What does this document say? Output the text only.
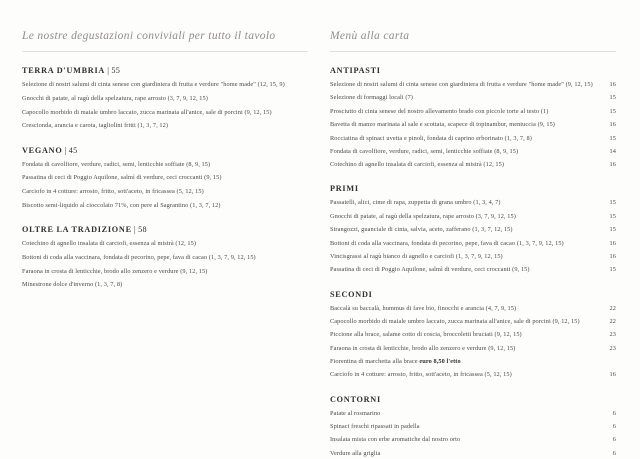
Le nostre degustazioni conviviali per tutto il tavolo
TERRA D'UMBRIA | 55
Selezione di nostri salumi di cinta senese con giardiniera di frutta e verdure "home made" (12, 15, 9)
Gnocchi di patate, al ragù della spelzatura, rape arrosto (3, 7, 9, 12, 15)
Capocollo morbido di maiale umbro laccato, zucca marinata all'anice, sale di porcini (9, 12, 15)
Crescionda, arancia e carota, tagliolini fritti (1, 3, 7, 12)
VEGANO | 45
Fondata di cavolfiore, verdure, radici, semi, lenticchie soffiate (8, 9, 15)
Passatina di ceci di Poggio Aquilone, salmì di verdure, ceci croccanti (9, 15)
Carciofo in 4 cotture: arrosto, fritto, sott'aceto, in fricassea (5, 12, 15)
Biscotto semi-liquido al cioccolato 71%, con pere al Sagrantino (1, 3, 7, 12)
OLTRE LA TRADIZIONE | 58
Cotechino di agnello insalata di carciofi, essenza al mistrà (12, 15)
Bottoni di coda alla vaccinara, fondata di pecorino, pepe, fava di cacao (1, 3, 7, 9, 12, 15)
Faraona in crosta di lenticchie, brodo allo zenzero e verdure (9, 12, 15)
Minestrone dolce d'inverno (1, 3, 7, 8)
Menù alla carta
ANTIPASTI
Selezione di nostri salumi di cinta senese con giardiniera di frutta e verdure "home made" (9, 12, 15)	16
Selezione di formaggi locali (7)	15
Prosciutto di cinta senese del nostro allevamento brado con piccole torte al testo (1)	15
Bavetta di manzo marinata al sale e scottata, scapece di topinambur, mentuccia (9, 15)	16
Rocciatina di spinaci uvetta e pinoli, fondata di caprino erborinato (1, 3, 7, 8)	15
Fondata di cavolfiore, verdure, radici, semi, lenticchie soffiate (8, 9, 15)	14
Cotechino di agnello insalata di carciofi, essenza al mistrà (12, 15)	16
PRIMI
Passatelli, alici, cime di rapa, zuppetta di grana umbro (1, 3, 4, 7)	15
Gnocchi di patate, al ragù della spelzatura, rape arrosto (3, 7, 9, 12, 15)	15
Strangozzi, guanciale di cinta, salvia, aceto, zafferano (1, 3, 7, 12, 15)	15
Bottoni di coda alla vaccinara, fondata di pecorino, pepe, fava di cacao (1, 3, 7, 9, 12, 15)	16
Vincisgrassi al ragù bianco di agnello e carciofi (1, 3, 7, 9, 12, 15)	16
Passatina di ceci di Poggio Aquilone, salmì di verdure, ceci croccanti (9, 15)	15
SECONDI
Baccalà su baccalà, hummus di fave bio, finocchi e arancia (4, 7, 9, 15)	22
Capocollo morbido di maiale umbro laccato, zucca marinata all'anice, sale di porcini (9, 12, 15)	22
Piccione alla brace, salame cotto di coscia, broccoletti bruciati (9, 12, 15)	23
Faraona in crosta di lenticchie, brodo allo zenzero e verdure (9, 12, 15)	23
Fiorentina di marchetta alla brace euro 8,50 l'etto
Carciofo in 4 cotture: arrosto, fritto, sott'aceto, in fricassea (5, 12, 15)	16
CONTORNI
Patate al rosmarino	6
Spinaci freschi ripassati in padella	6
Insalata mista con erbe aromatiche dal nostro orto	6
Verdure alla griglia	6
